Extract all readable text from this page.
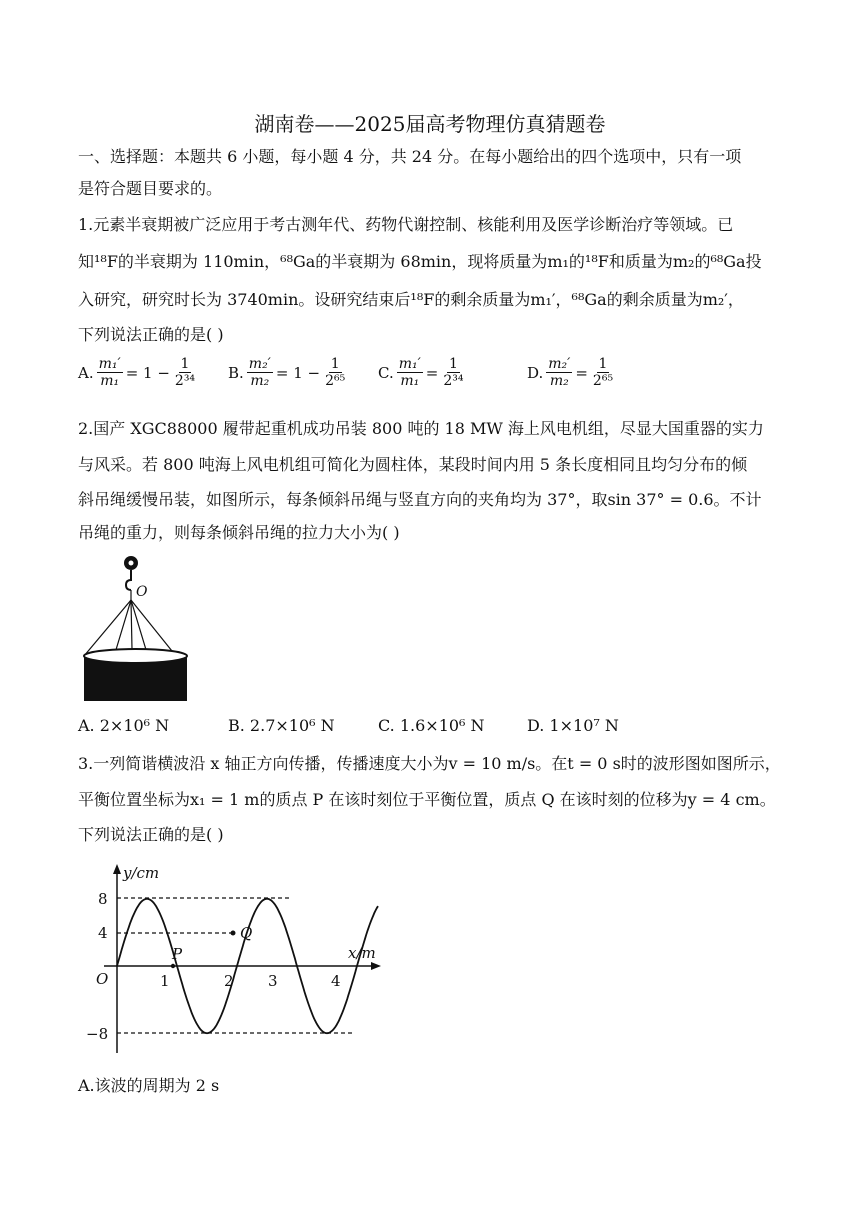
湖南卷——2025届高考物理仿真猜题卷
一、选择题：本题共 6 小题，每小题 4 分，共 24 分。在每小题给出的四个选项中，只有一项
是符合题目要求的。
1.元素半衰期被广泛应用于考古测年代、药物代谢控制、核能利用及医学诊断治疗等领域。已
知¹⁸F的半衰期为 110min，⁶⁸Ga的半衰期为 68min，现将质量为m₁的¹⁸F和质量为m₂的⁶⁸Ga投
入研究，研究时长为 3740min。设研究结束后¹⁸F的剩余质量为m₁′，⁶⁸Ga的剩余质量为m₂′，
下列说法正确的是( )
A. $\frac{\text{m₁′}}{\text{m₁}} = 1 - \frac{1}{\text{2³⁴}} B$. $\frac{\text{m₂′}}{\text{m₂}} = 1 - \frac{1}{\text{2⁶⁵}} C$. $\frac{\text{m₁′}}{\text{m₁}} = \frac{1}{\text{2³⁴}}$	D. $\frac{\text{m₂′}}{\text{m₂}} = \frac{1}{\text{2⁶⁵}}$
2.国产 XGC88000 履带起重机成功吊装 800 吨的 18 MW 海上风电机组，尽显大国重器的实力
与风采。若 800 吨海上风电机组可简化为圆柱体，某段时间内用 5 条长度相同且均匀分布的倾
斜吊绳缓慢吊装，如图所示，每条倾斜吊绳与竖直方向的夹角均为 37°，取sin 37° = 0.6。不计
吊绳的重力，则每条倾斜吊绳的拉力大小为( )
O
A. 2×10⁶ N	B. 2.7×10⁶ N	C. 1.6×10⁶ N	D. 1×10⁷ N
3.一列简谐横波沿 x 轴正方向传播，传播速度大小为v = 10 m/s。在t = 0 s时的波形图如图所示，
平衡位置坐标为x₁ = 1 m的质点 P 在该时刻位于平衡位置，质点 Q 在该时刻的位移为y = 4 cm。
下列说法正确的是( )
y/cm
x/m
O
8
4
−8
1	2 3	4
P
Q
A.该波的周期为 2 s
